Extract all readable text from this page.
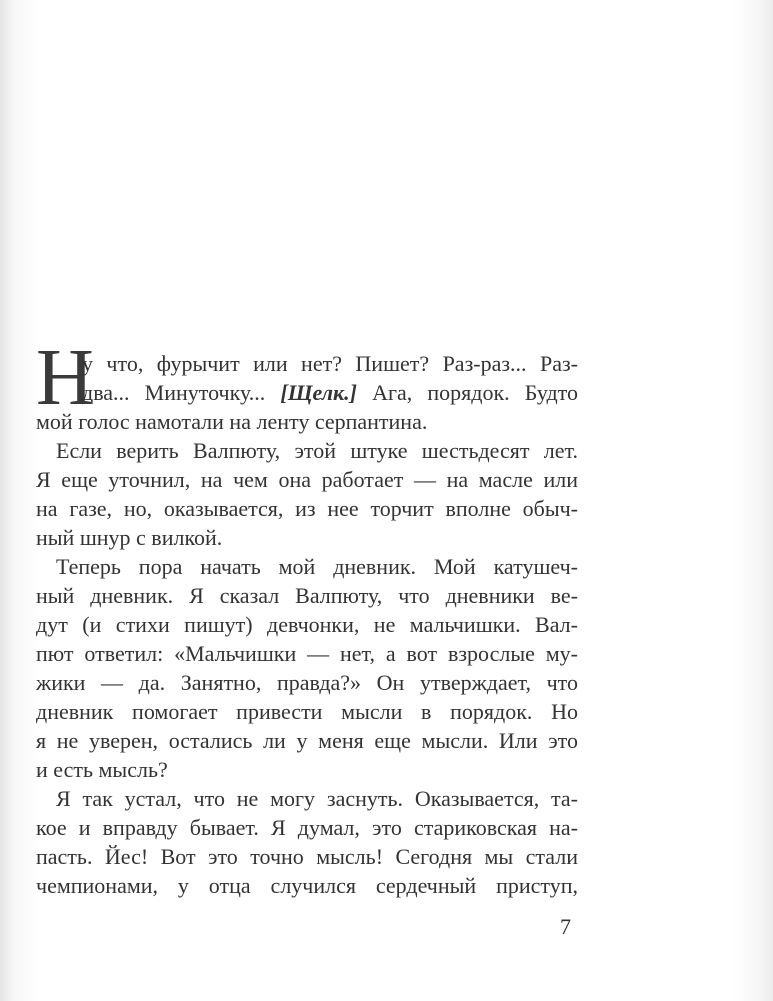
Н
у что, фурычит или нет? Пишет? Раз-раз... Раз-
два... Минуточку... [Щелк.] Ага, порядок. Будто
мой голос намотали на ленту серпантина.
Если верить Валпюту, этой штуке шестьдесят лет.
Я еще уточнил, на чем она работает — на масле или
на газе, но, оказывается, из нее торчит вполне обыч-
ный шнур с вилкой.
Теперь пора начать мой дневник. Мой катушеч-
ный дневник. Я сказал Валпюту, что дневники ве-
дут (и стихи пишут) девчонки, не мальчишки. Вал-
пют ответил: «Мальчишки — нет, а вот взрослые му-
жики — да. Занятно, правда?» Он утверждает, что
дневник помогает привести мысли в порядок. Но
я не уверен, остались ли у меня еще мысли. Или это
и есть мысль?
Я так устал, что не могу заснуть. Оказывается, та-
кое и вправду бывает. Я думал, это стариковская на-
пасть. Йес! Вот это точно мысль! Сегодня мы стали
чемпионами, у отца случился сердечный приступ,
7
